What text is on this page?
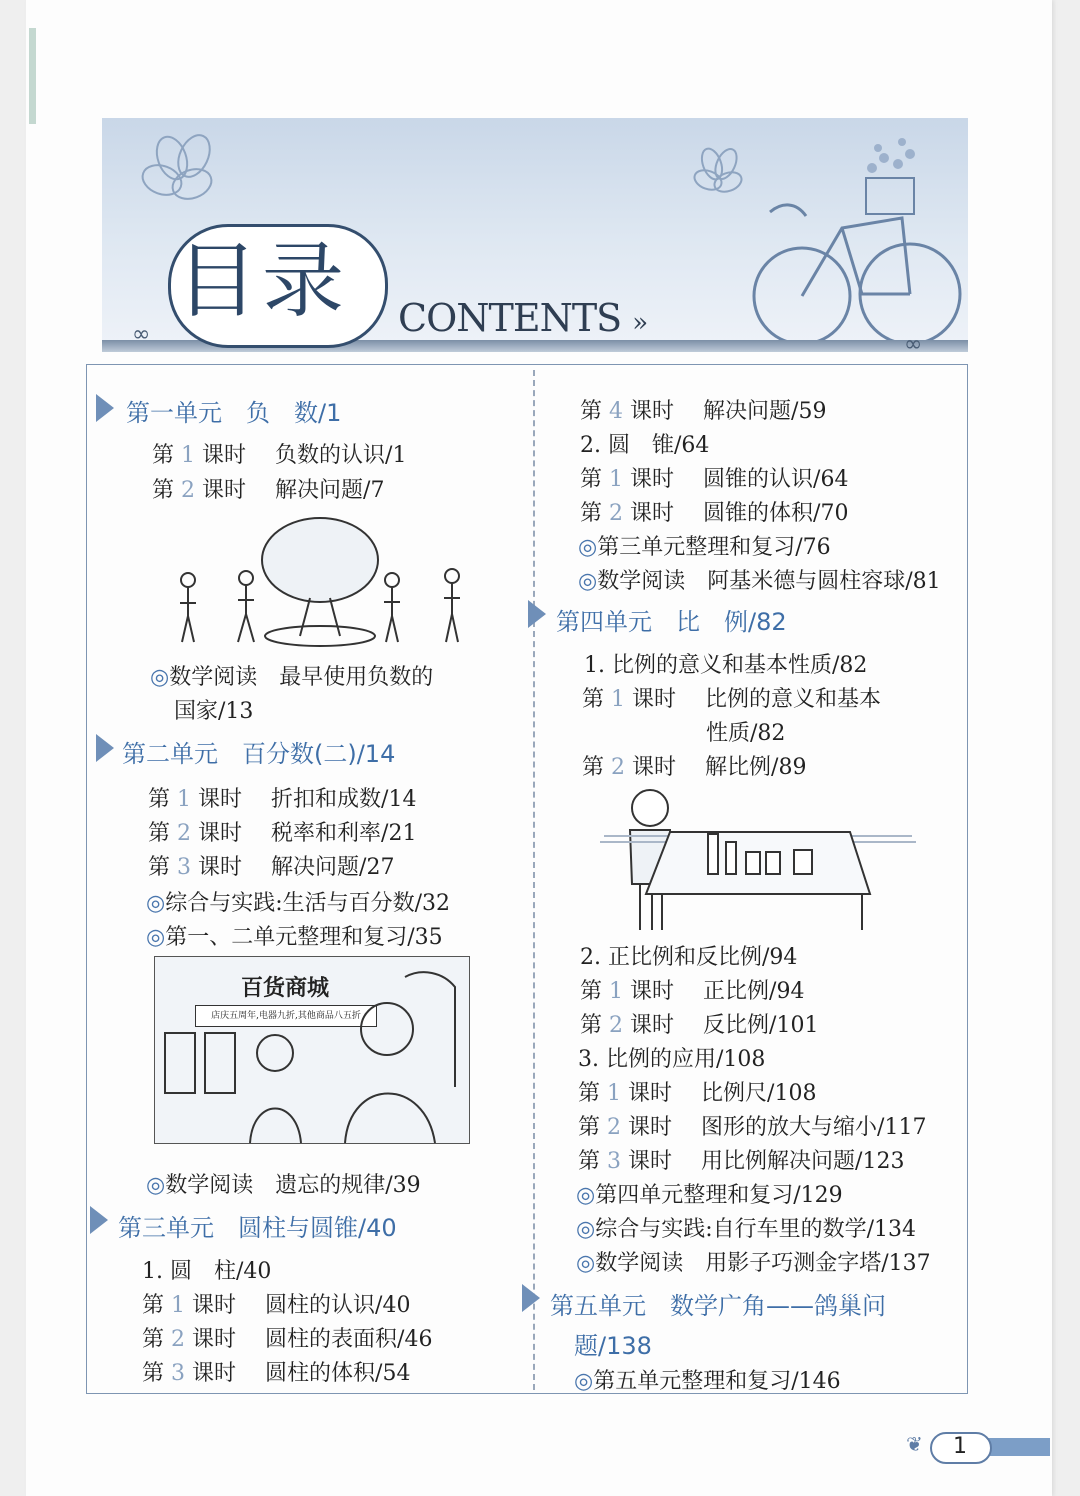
目录 CONTENTS »
∞	∞
第一单元　负　数/1
第 1 课时　 负数的认识/1
第 2 课时　 解决问题/7
◎数学阅读　最早使用负数的
国家/13
第二单元　百分数(二)/14
第 1 课时　 折扣和成数/14
第 2 课时　 税率和利率/21
第 3 课时　 解决问题/27
◎综合与实践:生活与百分数/32
◎第一、二单元整理和复习/35
百货商城
店庆五周年,电器九折,其他商品八五折
◎数学阅读　遗忘的规律/39
第三单元　圆柱与圆锥/40
1. 圆　柱/40
第 1 课时　 圆柱的认识/40
第 2 课时　 圆柱的表面积/46
第 3 课时　 圆柱的体积/54
第 4 课时　 解决问题/59
2. 圆　锥/64
第 1 课时　 圆锥的认识/64
第 2 课时　 圆锥的体积/70
◎第三单元整理和复习/76
◎数学阅读　阿基米德与圆柱容球/81
第四单元　比　例/82
1. 比例的意义和基本性质/82
第 1 课时　 比例的意义和基本
性质/82
第 2 课时　 解比例/89
2. 正比例和反比例/94
第 1 课时　 正比例/94
第 2 课时　 反比例/101
3. 比例的应用/108
第 1 课时　 比例尺/108
第 2 课时　 图形的放大与缩小/117
第 3 课时　 用比例解决问题/123
◎第四单元整理和复习/129
◎综合与实践:自行车里的数学/134
◎数学阅读　用影子巧测金字塔/137
第五单元　数学广角——鸽巢问
题/138
◎第五单元整理和复习/146
❦	1
